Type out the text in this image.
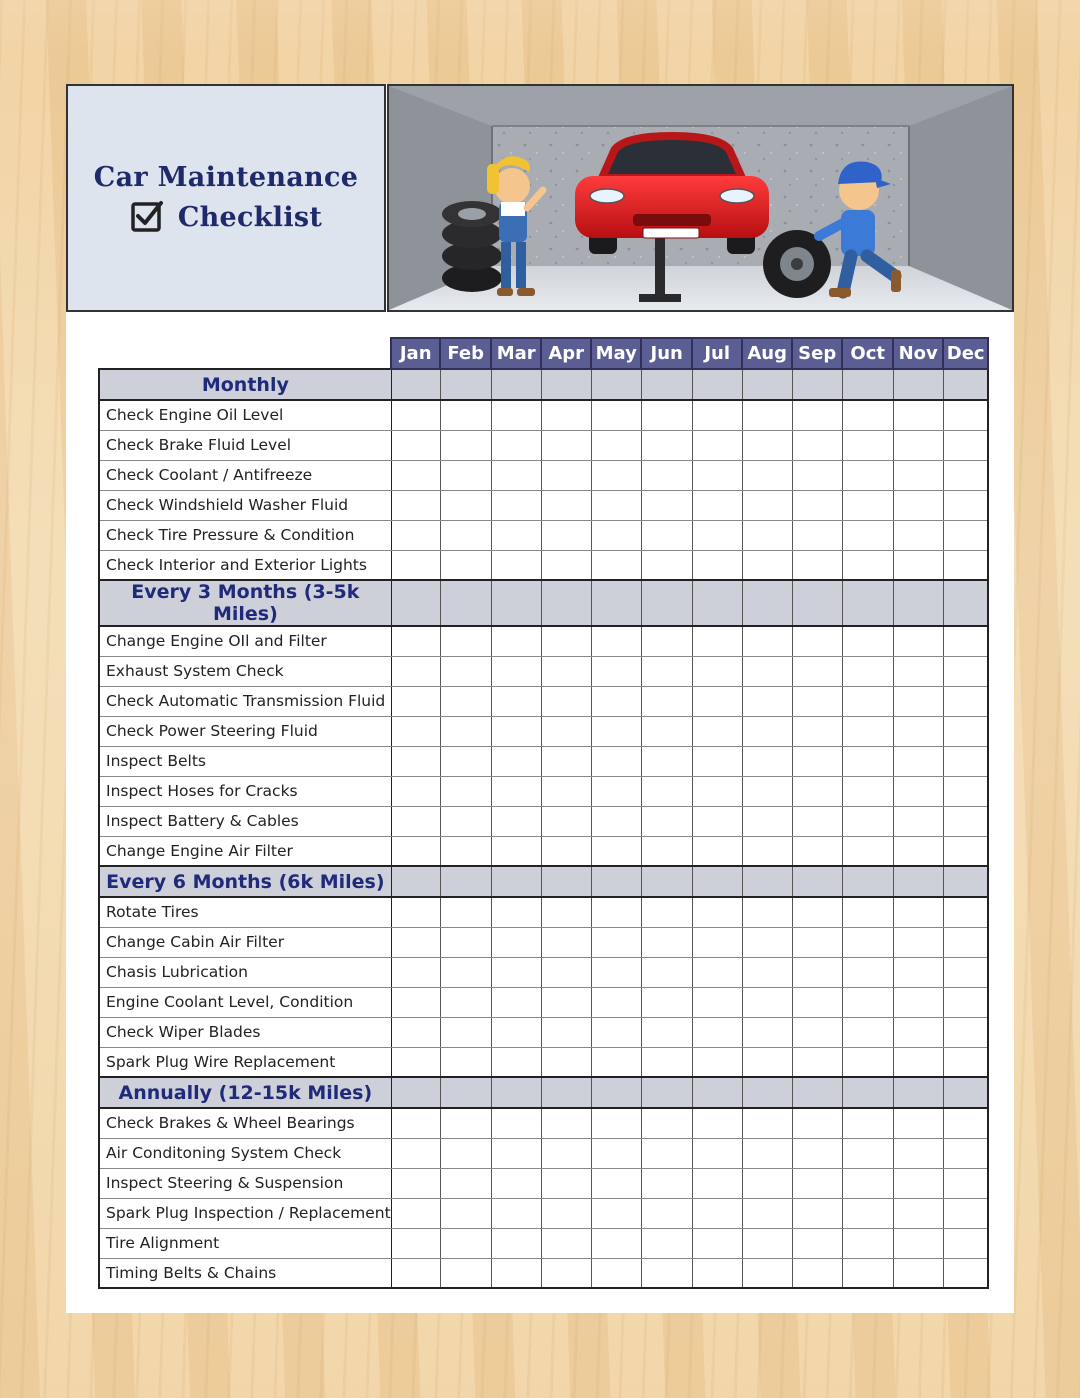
Car Maintenance
Checklist
	Jan	Feb	Mar	Apr	May	Jun	Jul	Aug	Sep	Oct	Nov	Dec
Monthly												
Check Engine Oil Level												
Check Brake Fluid Level												
Check Coolant / Antifreeze												
Check Windshield Washer Fluid												
Check Tire Pressure & Condition												
Check Interior and Exterior Lights												
Every 3 Months (3-5k Miles)												
Change Engine OIl and Filter												
Exhaust System Check												
Check Automatic Transmission Fluid												
Check Power Steering Fluid												
Inspect Belts												
Inspect Hoses for Cracks												
Inspect Battery & Cables												
Change Engine Air Filter												
Every 6 Months (6k Miles)												
Rotate Tires												
Change Cabin Air Filter												
Chasis Lubrication												
Engine Coolant Level, Condition												
Check Wiper Blades												
Spark Plug Wire Replacement												
Annually (12-15k Miles)												
Check Brakes & Wheel Bearings												
Air Conditoning System Check												
Inspect Steering & Suspension												
Spark Plug Inspection / Replacement												
Tire Alignment												
Timing Belts & Chains												
